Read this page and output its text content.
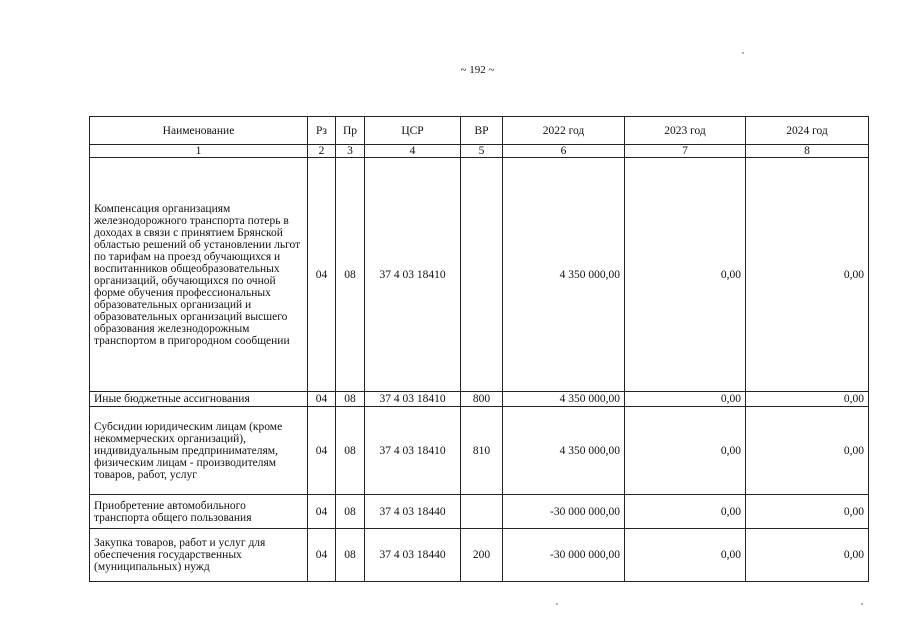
~ 192 ~
Наименование	Рз	Пр	ЦСР	ВР	2022 год	2023 год	2024 год
1	2	3	4	5	6	7	8
Компенсация организациям железнодорожного транспорта потерь в доходах в связи с принятием Брянской областью решений об установлении льгот по тарифам на проезд обучающихся и воспитанников общеобразовательных организаций, обучающихся по очной форме обучения профессиональных образовательных организаций и образовательных организаций высшего образования железнодорожным транспортом в пригородном сообщении	04	08	37 4 03 18410		4 350 000,00	0,00	0,00
Иные бюджетные ассигнования	04	08	37 4 03 18410	800	4 350 000,00	0,00	0,00
Субсидии юридическим лицам (кроме некоммерческих организаций), индивидуальным предпринимателям, физическим лицам - производителям товаров, работ, услуг	04	08	37 4 03 18410	810	4 350 000,00	0,00	0,00
Приобретение автомобильного транспорта общего пользования	04	08	37 4 03 18440		-30 000 000,00	0,00	0,00
Закупка товаров, работ и услуг для обеспечения государственных (муниципальных) нужд	04	08	37 4 03 18440	200	-30 000 000,00	0,00	0,00
